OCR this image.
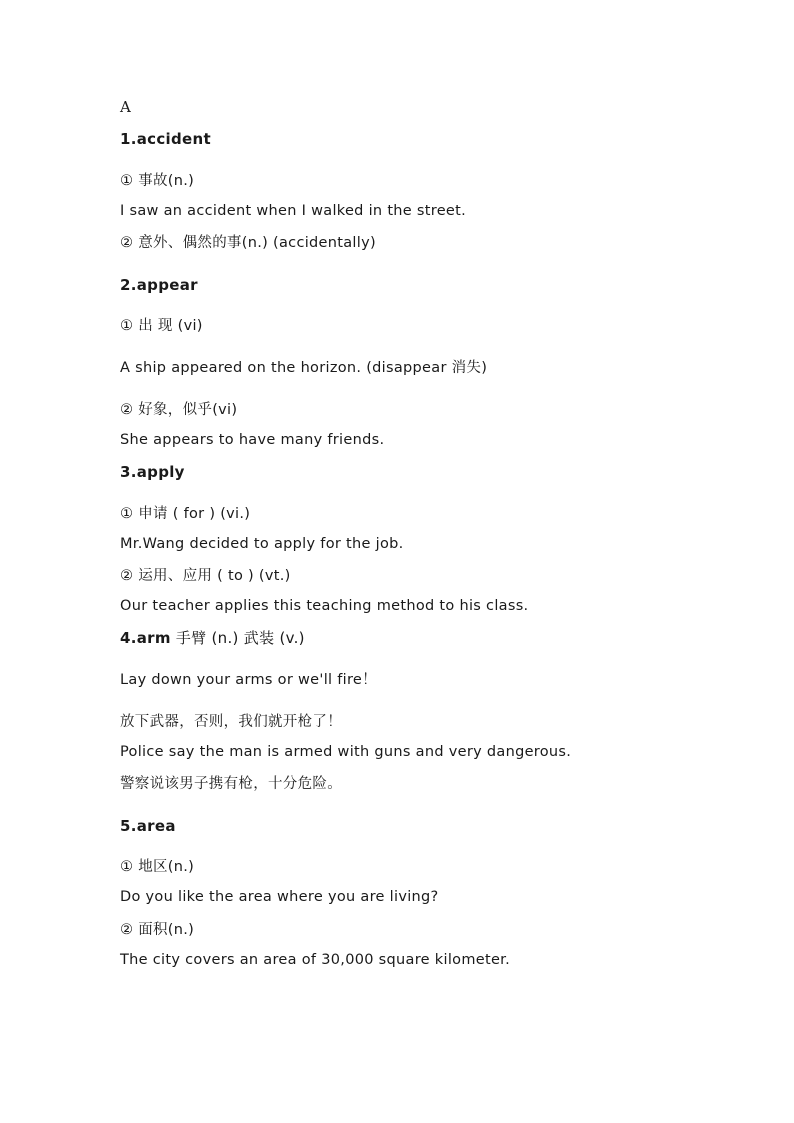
A
1.accident
① 事故(n.)
I saw an accident when I walked in the street.
② 意外、偶然的事(n.) (accidentally)
2.appear
① 出 现 (vi)
A ship appeared on the horizon. (disappear 消失)
② 好象，似乎(vi)
She appears to have many friends.
3.apply
① 申请 ( for ) (vi.)
Mr.Wang decided to apply for the job.
② 运用、应用 ( to ) (vt.)
Our teacher applies this teaching method to his class.
4.arm 手臂 (n.) 武装 (v.)
Lay down your arms or we'll fire！
放下武器，否则，我们就开枪了！
Police say the man is armed with guns and very dangerous.
警察说该男子携有枪，十分危险。
5.area
① 地区(n.)
Do you like the area where you are living?
② 面积(n.)
The city covers an area of 30,000 square kilometer.
